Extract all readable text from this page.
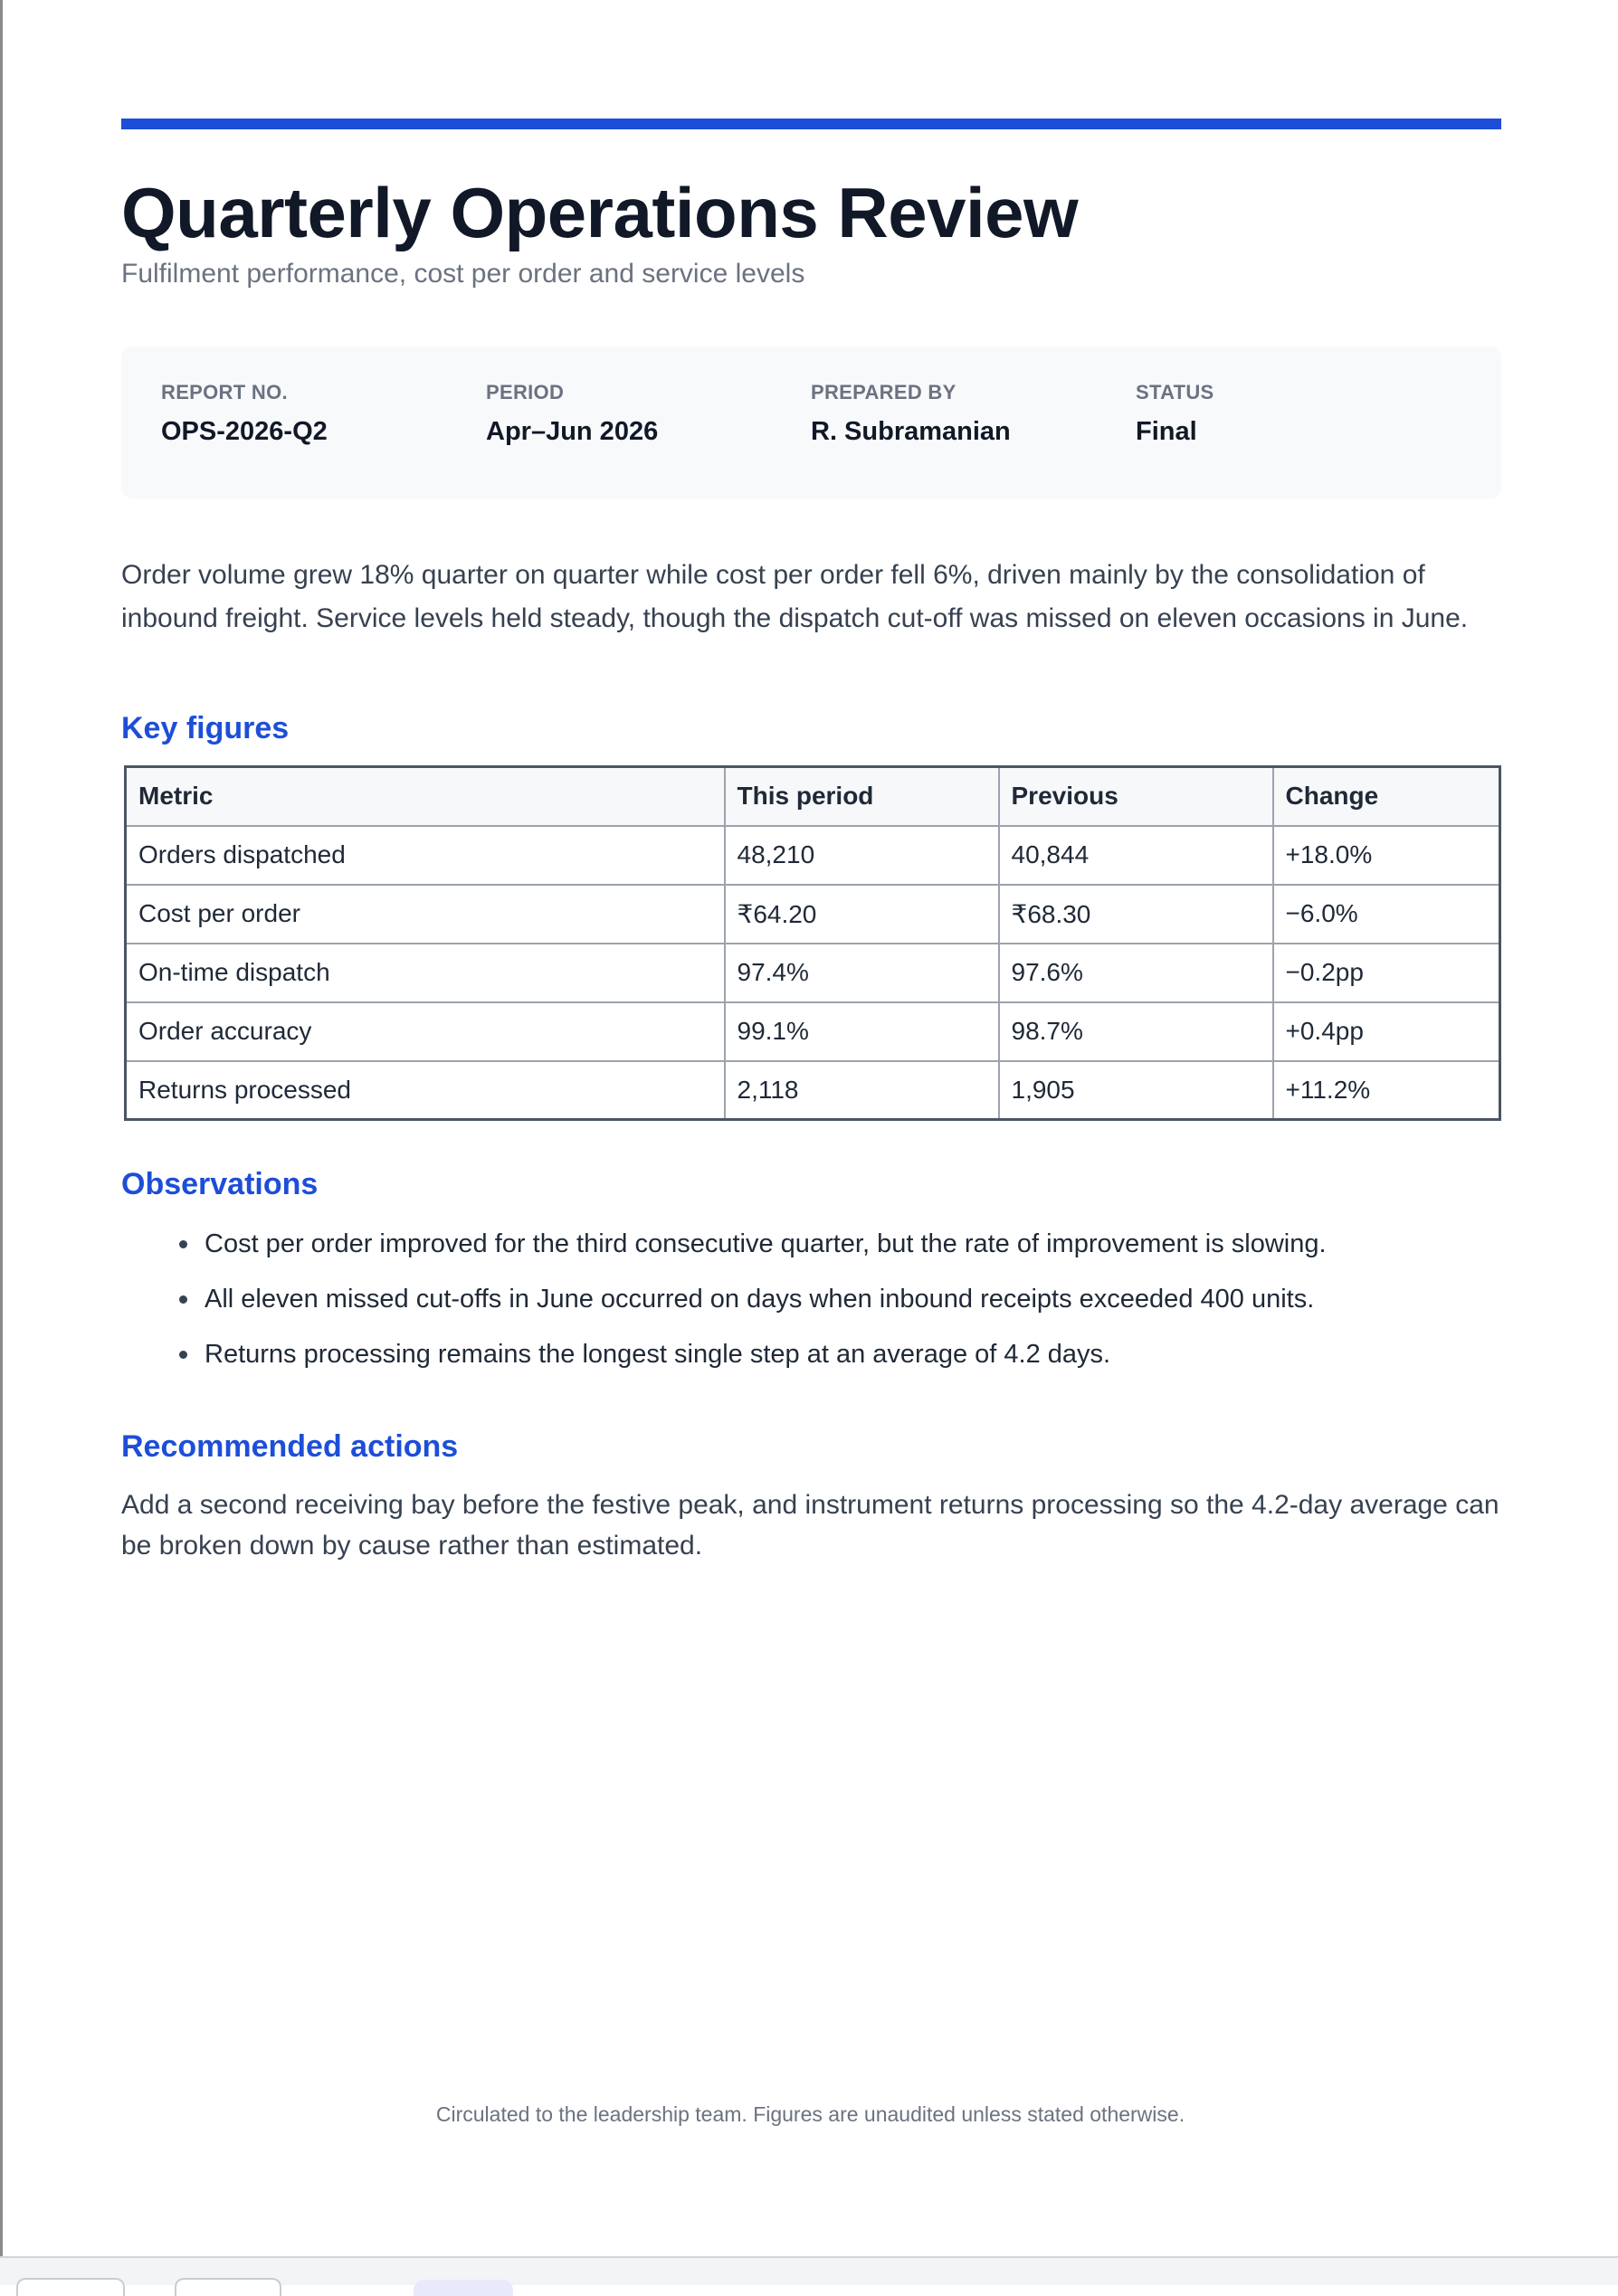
Quarterly Operations Review
Fulfilment performance, cost per order and service levels
REPORT NO.
OPS-2026-Q2
PERIOD
Apr–Jun 2026
PREPARED BY
R. Subramanian
STATUS
Final

Order volume grew 18% quarter on quarter while cost per order fell 6%, driven mainly by the consolidation of inbound freight. Service levels held steady, though the dispatch cut-off was missed on eleven occasions in June.

Key figures
Metric	This period	Previous	Change
Orders dispatched	48,210	40,844	+18.0%
Cost per order	₹64.20	₹68.30	−6.0%
On-time dispatch	97.4%	97.6%	−0.2pp
Order accuracy	99.1%	98.7%	+0.4pp
Returns processed	2,118	1,905	+11.2%
Observations
Cost per order improved for the third consecutive quarter, but the rate of improvement is slowing.
All eleven missed cut-offs in June occurred on days when inbound receipts exceeded 400 units.
Returns processing remains the longest single step at an average of 4.2 days.
Recommended actions

Add a second receiving bay before the festive peak, and instrument returns processing so the 4.2-day average can be broken down by cause rather than estimated.

Circulated to the leadership team. Figures are unaudited unless stated otherwise.
